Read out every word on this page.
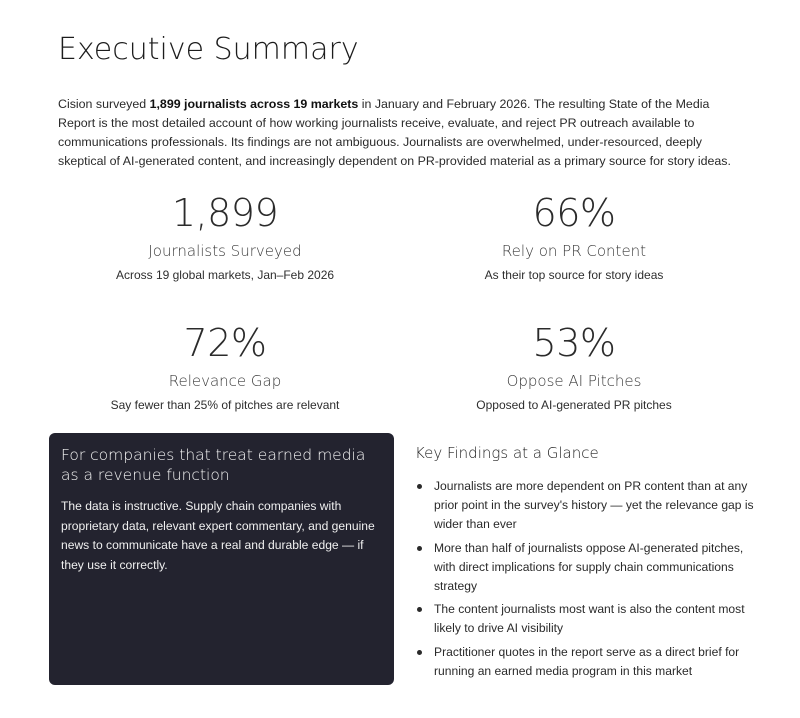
Executive Summary

Cision surveyed 1,899 journalists across 19 markets in January and February 2026. The resulting State of the Media Report is the most detailed account of how working journalists receive, evaluate, and reject PR outreach available to communications professionals. Its findings are not ambiguous. Journalists are overwhelmed, under-resourced, deeply skeptical of AI-generated content, and increasingly dependent on PR-provided material as a primary source for story ideas.

1,899
Journalists Surveyed
Across 19 global markets, Jan–Feb 2026
66%
Rely on PR Content
As their top source for story ideas
72%
Relevance Gap
Say fewer than 25% of pitches are relevant
53%
Oppose AI Pitches
Opposed to AI-generated PR pitches
For companies that treat earned media as a revenue function

The data is instructive. Supply chain companies with proprietary data, relevant expert commentary, and genuine news to communicate have a real and durable edge — if they use it correctly.

Key Findings at a Glance
Journalists are more dependent on PR content than at any prior point in the survey's history — yet the relevance gap is wider than ever
More than half of journalists oppose AI-generated pitches, with direct implications for supply chain communications strategy
The content journalists most want is also the content most likely to drive AI visibility
Practitioner quotes in the report serve as a direct brief for running an earned media program in this market
